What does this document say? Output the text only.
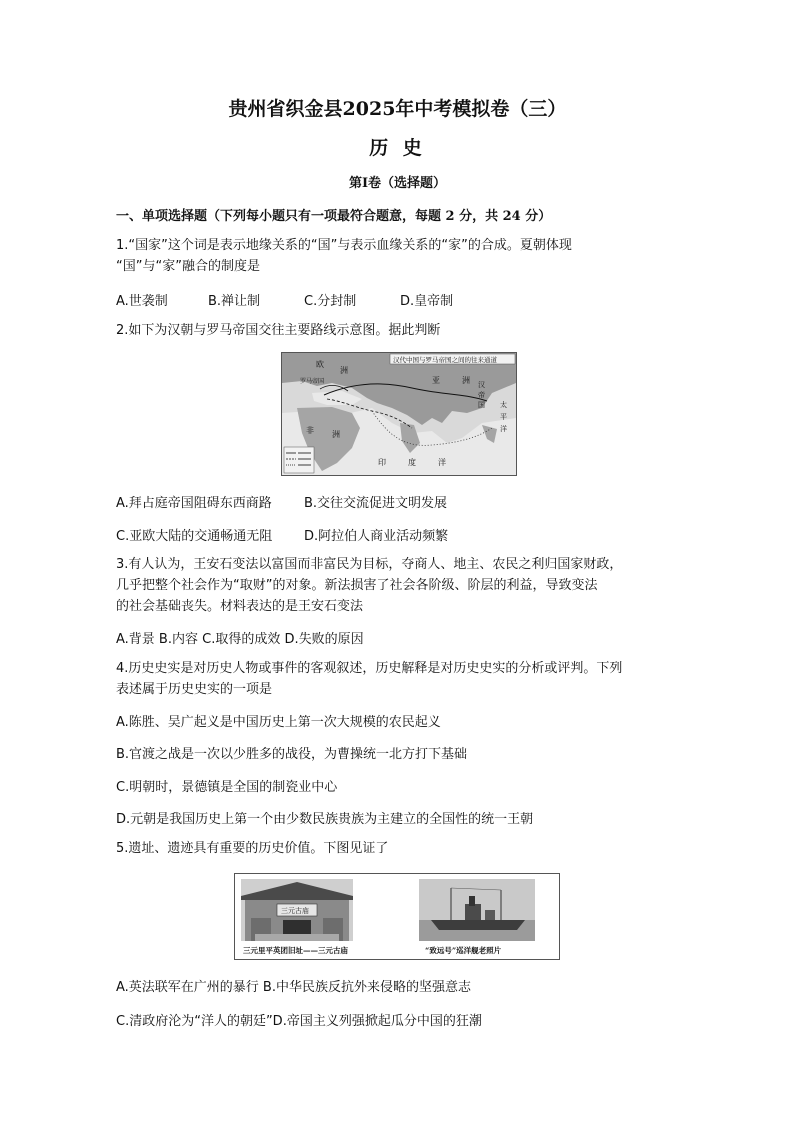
贵州省织金县2025年中考模拟卷（三）
历 史
第Ⅰ卷（选择题）
一、单项选择题（下列每小题只有一项最符合题意，每题 2 分，共 24 分）
1.“国家”这个词是表示地缘关系的“国”与表示血缘关系的“家”的合成。夏朝体现
“国”与“家”融合的制度是
A.世袭制	B.禅让制	C.分封制	D.皇帝制
2.如下为汉朝与罗马帝国交往主要路线示意图。据此判断
欧
洲
亚	洲
罗马帝国
非 洲
印	度	洋
太
平
洋
汉
帝
国
汉代中国与罗马帝国之间的往来通道
A.拜占庭帝国阻碍东西商路 B.交往交流促进文明发展
C.亚欧大陆的交通畅通无阻 D.阿拉伯人商业活动频繁
3.有人认为，王安石变法以富国而非富民为目标，夺商人、地主、农民之利归国家财政，
几乎把整个社会作为“取财”的对象。新法损害了社会各阶级、阶层的利益，导致变法
的社会基础丧失。材料表达的是王安石变法
A.背景 B.内容 C.取得的成效 D.失败的原因
4.历史史实是对历史人物或事件的客观叙述，历史解释是对历史史实的分析或评判。下列
表述属于历史史实的一项是
A.陈胜、吴广起义是中国历史上第一次大规模的农民起义
B.官渡之战是一次以少胜多的战役，为曹操统一北方打下基础
C.明朝时，景德镇是全国的制瓷业中心
D.元朝是我国历史上第一个由少数民族贵族为主建立的全国性的统一王朝
5.遗址、遗迹具有重要的历史价值。下图见证了
三元古庙
三元里平英团旧址——三元古庙	“致远号”巡洋舰老照片
A.英法联军在广州的暴行 B.中华民族反抗外来侵略的坚强意志
C.清政府沦为“洋人的朝廷”D.帝国主义列强掀起瓜分中国的狂潮
